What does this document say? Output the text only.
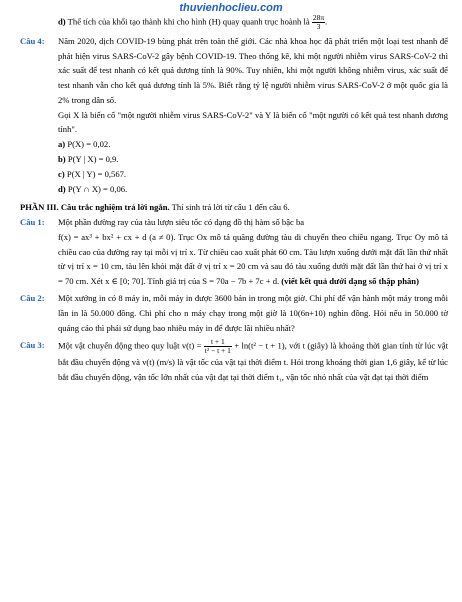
thuvienhoclieu.com
d) Thể tích của khối tạo thành khi cho hình (H) quay quanh trục hoành là $\frac{28\pi}{3}$ .
Câu 4:	Năm 2020, dịch COVID-19 bùng phát trên toàn thế giới. Các nhà khoa học đã phát triển một loại test nhanh để phát hiện virus SARS-CoV-2 gây bệnh COVID-19. Theo thống kê, khi một người nhiễm virus SARS-CoV-2 thì xác suất để test nhanh có kết quả dương tính là 90%. Tuy nhiên, khi một người không nhiễm virus, xác suất để test nhanh vẫn cho kết quả dương tính là 5%. Biết rằng tỷ lệ người nhiễm virus SARS-CoV-2 ở một quốc gia là 2% trong dân số.
Gọi X là biến cố "một người nhiễm virus SARS-CoV-2" và Y là biến cố "một người có kết quả test nhanh dương tính".
a) P(X) = 0,02.
b) P(Y | X) = 0,9.
c) P(X | Y) = 0,567.
d) P(Y ∩ X) = 0,06.
PHẦN III. Câu trắc nghiệm trả lời ngắn. Thí sinh trả lời từ câu 1 đến câu 6.
Câu 1:	Một phần đường ray của tàu lượn siêu tốc có dạng đồ thị hàm số bậc ba
f(x) = ax³ + bx² + cx + d (a ≠ 0). Trục Ox mô tả quãng đường tàu di chuyển theo chiều ngang. Trục Oy mô tả chiều cao của đường ray tại mỗi vị trí x. Từ chiều cao xuất phát 60 cm. Tàu lượn xuống dưới mặt đất lần thứ nhất từ vị trí x = 10 cm, tàu lên khỏi mặt đất ở vị trí x = 20 cm và sau đó tàu xuống dưới mặt đất lần thứ hai ở vị trí x = 70 cm. Xét x ∈ [0; 70]. Tính giá trị của S = 70a − 7b + 7c + d. (viết kết quả dưới dạng số thập phân)
Câu 2:	Một xưởng in có 8 máy in, mỗi máy in được 3600 bản in trong một giờ. Chi phí để vận hành một máy trong mỗi lần in là 50.000 đồng. Chi phí cho n máy chạy trong một giờ là 10(6n+10) nghìn đồng. Hỏi nếu in 50.000 tờ quảng cáo thì phải sử dụng bao nhiêu máy in để được lãi nhiều nhất?
Câu 3:	Một vật chuyển động theo quy luật $v(t) = \frac{t + 1}{\text{t² − t + 1}} + \ln(t^2 - t + 1)$, với t (giây) là khoảng thời gian tính từ lúc vật bắt đầu chuyển động và v(t) (m/s) là vật tốc của vật tại thời điểm t. Hỏi trong khoảng thời gian 1,6 giây, kể từ lúc bắt đầu chuyển động, vận tốc lớn nhất của vật đạt tại thời điểm t₁, vận tốc nhỏ nhất của vật đạt tại thời điểm
